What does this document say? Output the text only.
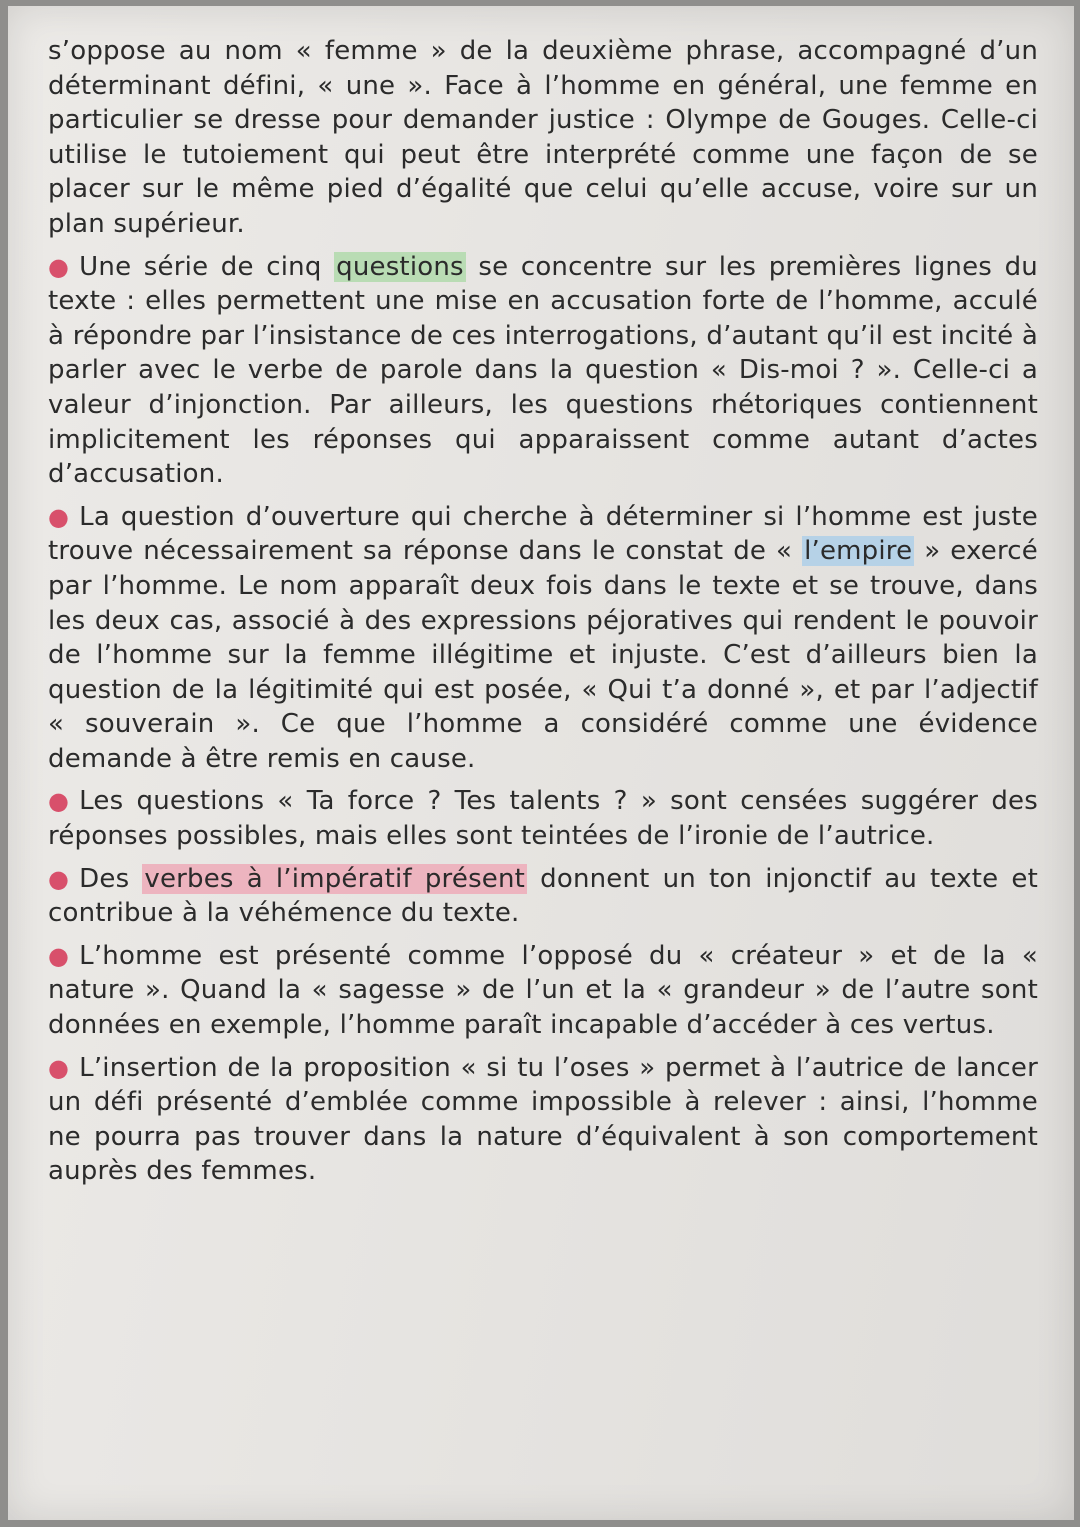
s’oppose au nom « femme » de la deuxième phrase, accompagné d’un déterminant défini, « une ». Face à l’homme en général, une femme en particulier se dresse pour demander justice : Olympe de Gouges. Celle-ci utilise le tutoiement qui peut être interprété comme une façon de se placer sur le même pied d’égalité que celui qu’elle accuse, voire sur un plan supérieur.

● Une série de cinq questions se concentre sur les premières lignes du texte : elles permettent une mise en accusation forte de l’homme, acculé à répondre par l’insistance de ces interrogations, d’autant qu’il est incité à parler avec le verbe de parole dans la question « Dis-moi ? ». Celle-ci a valeur d’injonction. Par ailleurs, les questions rhétoriques contiennent implicitement les réponses qui apparaissent comme autant d’actes d’accusation.

● La question d’ouverture qui cherche à déterminer si l’homme est juste trouve nécessairement sa réponse dans le constat de « l’empire » exercé par l’homme. Le nom apparaît deux fois dans le texte et se trouve, dans les deux cas, associé à des expressions péjoratives qui rendent le pouvoir de l’homme sur la femme illégitime et injuste. C’est d’ailleurs bien la question de la légitimité qui est posée, « Qui t’a donné », et par l’adjectif « souverain ». Ce que l’homme a considéré comme une évidence demande à être remis en cause.

● Les questions « Ta force ? Tes talents ? » sont censées suggérer des réponses possibles, mais elles sont teintées de l’ironie de l’autrice.

● Des verbes à l’impératif présent donnent un ton injonctif au texte et contribue à la véhémence du texte.

● L’homme est présenté comme l’opposé du « créateur » et de la « nature ». Quand la « sagesse » de l’un et la « grandeur » de l’autre sont données en exemple, l’homme paraît incapable d’accéder à ces vertus.

● L’insertion de la proposition « si tu l’oses » permet à l’autrice de lancer un défi présenté d’emblée comme impossible à relever : ainsi, l’homme ne pourra pas trouver dans la nature d’équivalent à son comportement auprès des femmes.
